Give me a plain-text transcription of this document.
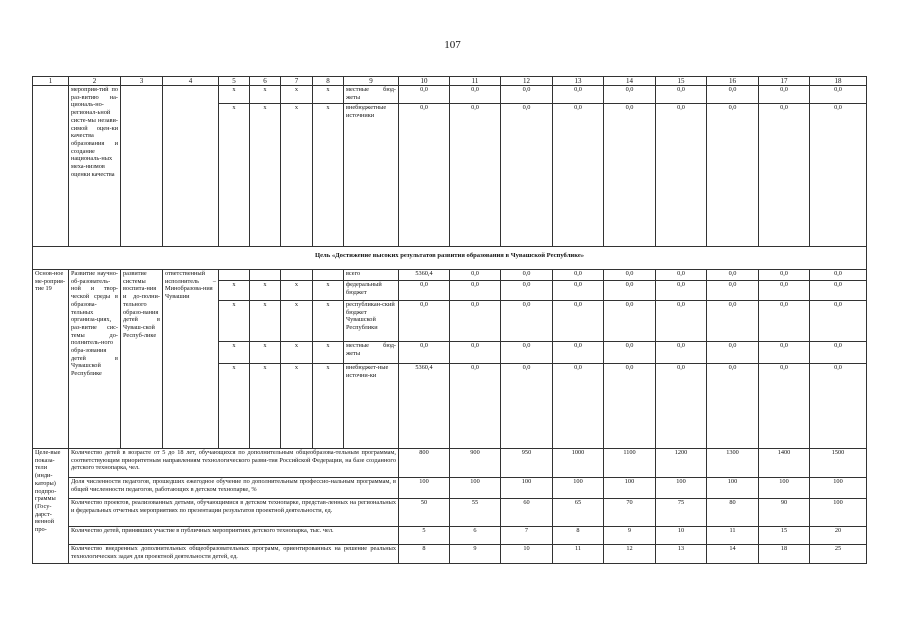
107
1	2	3	4	5	6	7	8	9	10	11	12	13	14	15	16	17	18
	мероприя-тий по раз-витию на-циональ-но-регионал-ьной систе-мы незави-симой оцен-ки качества образования и создание националь-ных меха-низмов оценки качества			x	x	x	x	местные бюд-жеты	0,0	0,0	0,0	0,0	0,0	0,0	0,0	0,0	0,0
				x	x	x	x	внебюджетные источники	0,0	0,0	0,0	0,0	0,0	0,0	0,0	0,0	0,0
Цель «Достижение высоких результатов развития образования в Чувашской Республике»																	
Основ-ное ме-роприя-тие 19	Развитие научно-об-разователь-ной и твор-ческой среды в образова-тельных организа-циях, раз-витие сис-темы до-полнитель-ного обра-зования детей в Чувашской Республике	развитие системы воспита-ния и до-полни-тельного образо-вания детей в Чуваш-ской Респуб-лике	ответственный исполнитель – Минобразова-ния Чувашии					всего	5360,4	0,0	0,0	0,0	0,0	0,0	0,0	0,0	0,0
				x	x	x	x	федеральный бюджет	0,0	0,0	0,0	0,0	0,0	0,0	0,0	0,0	0,0
				x	x	x	x	республикан-ский бюджет Чувашской Республики	0,0	0,0	0,0	0,0	0,0	0,0	0,0	0,0	0,0
				x	x	x	x	местные бюд-жеты	0,0	0,0	0,0	0,0	0,0	0,0	0,0	0,0	0,0
				x	x	x	x	внебюджет-ные источни-ки	5360,4	0,0	0,0	0,0	0,0	0,0	0,0	0,0	0,0
Целе-вые показа-тели (инди-каторы) подпро-граммы (Госу-дарст-венной про-	Количество детей в возрасте от 5 до 18 лет, обучающихся по дополнительным общеобразова-тельным программам, соответствующим приоритетным направлениям технологического разви-тия Российской Федерации, на базе созданного детского технопарка, чел.								800	900	950	1000	1100	1200	1300	1400	1500
	Доля численности педагогов, прошедших ежегодное обучение по дополнительным профессио-нальным программам, в общей численности педагогов, работающих в детском технопарке, %								100	100	100	100	100	100	100	100	100
	Количество проектов, реализованных детьми, обучающимися в детском технопарке, представ-ленных на региональных и федеральных отчетных мероприятиях по презентации результатов проектной деятельности, ед.								50	55	60	65	70	75	80	90	100
	Количество детей, принявших участие в публичных мероприятиях детского технопарка, тыс. чел.								5	6	7	8	9	10	11	15	20
	Количество внедренных дополнительных общеобразовательных программ, ориентированных на решение реальных технологических задач для проектной деятельности детей, ед.								8	9	10	11	12	13	14	18	25
